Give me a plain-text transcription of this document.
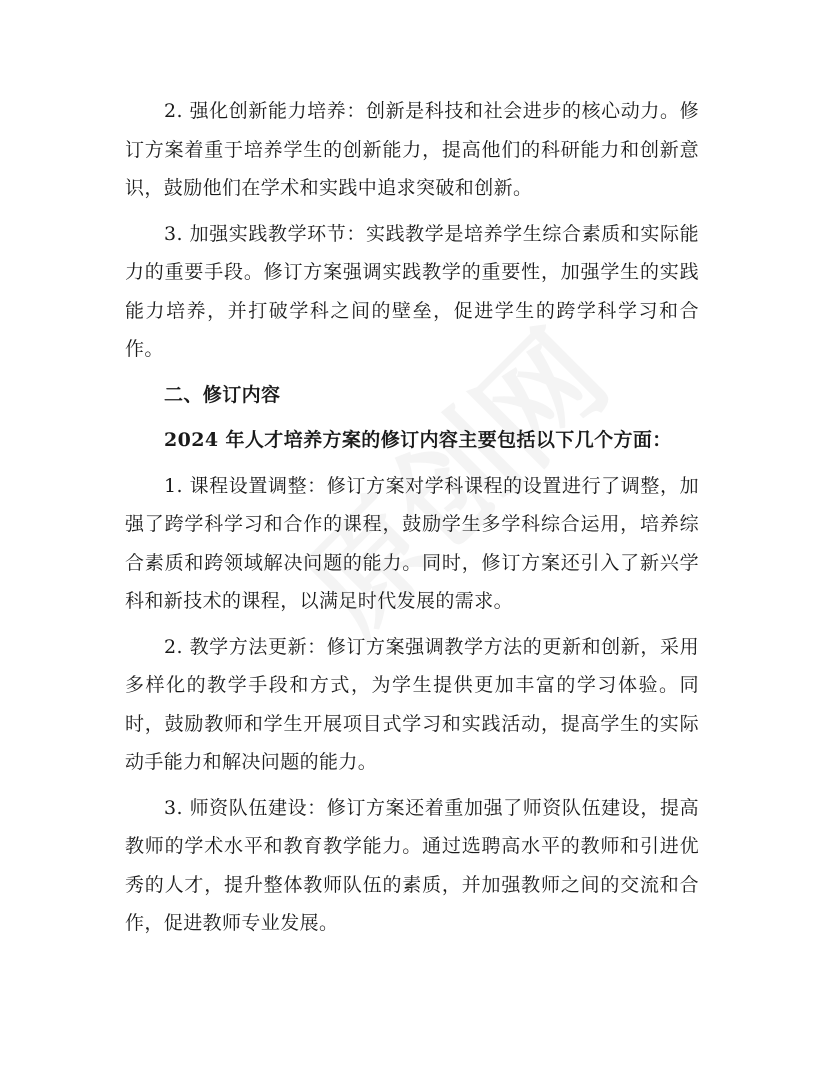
2. 强化创新能力培养：创新是科技和社会进步的核心动力。修订方案着重于培养学生的创新能力，提高他们的科研能力和创新意识，鼓励他们在学术和实践中追求突破和创新。

3. 加强实践教学环节：实践教学是培养学生综合素质和实际能力的重要手段。修订方案强调实践教学的重要性，加强学生的实践能力培养，并打破学科之间的壁垒，促进学生的跨学科学习和合作。

二、修订内容

2024 年人才培养方案的修订内容主要包括以下几个方面：

1. 课程设置调整：修订方案对学科课程的设置进行了调整，加强了跨学科学习和合作的课程，鼓励学生多学科综合运用，培养综合素质和跨领域解决问题的能力。同时，修订方案还引入了新兴学科和新技术的课程，以满足时代发展的需求。

2. 教学方法更新：修订方案强调教学方法的更新和创新，采用多样化的教学手段和方式，为学生提供更加丰富的学习体验。同时，鼓励教师和学生开展项目式学习和实践活动，提高学生的实际动手能力和解决问题的能力。

3. 师资队伍建设：修订方案还着重加强了师资队伍建设，提高教师的学术水平和教育教学能力。通过选聘高水平的教师和引进优秀的人才，提升整体教师队伍的素质，并加强教师之间的交流和合作，促进教师专业发展。
